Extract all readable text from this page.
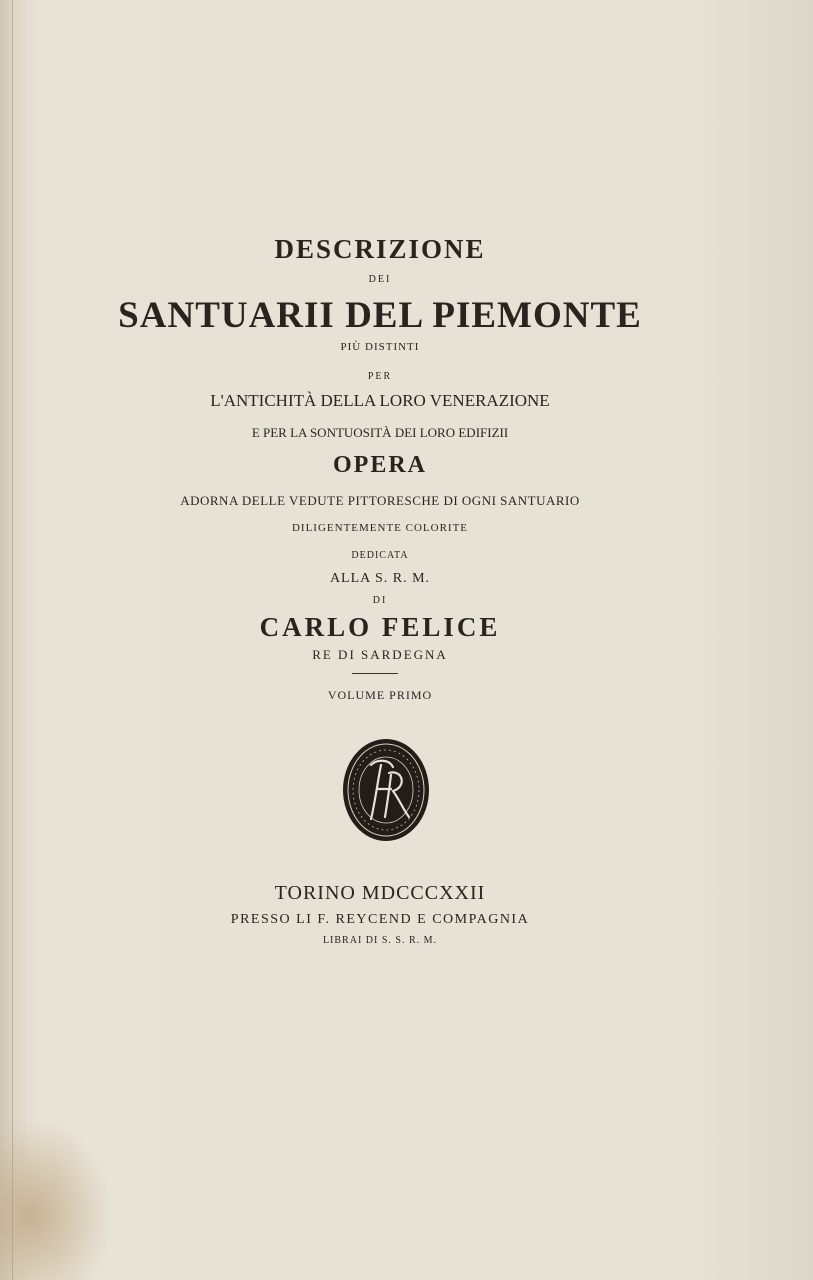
DESCRIZIONE
DEI
SANTUARII DEL PIEMONTE
PIÙ DISTINTI
PER
L'ANTICHITÀ DELLA LORO VENERAZIONE
E PER LA SONTUOSITÀ DEI LORO EDIFIZII
OPERA
ADORNA DELLE VEDUTE PITTORESCHE DI OGNI SANTUARIO
DILIGENTEMENTE COLORITE
DEDICATA
ALLA S. R. M.
DI
CARLO FELICE
RE DI SARDEGNA
VOLUME PRIMO
TORINO MDCCCXXII
PRESSO LI F. REYCEND E COMPAGNIA
LIBRAI DI S. S. R. M.
